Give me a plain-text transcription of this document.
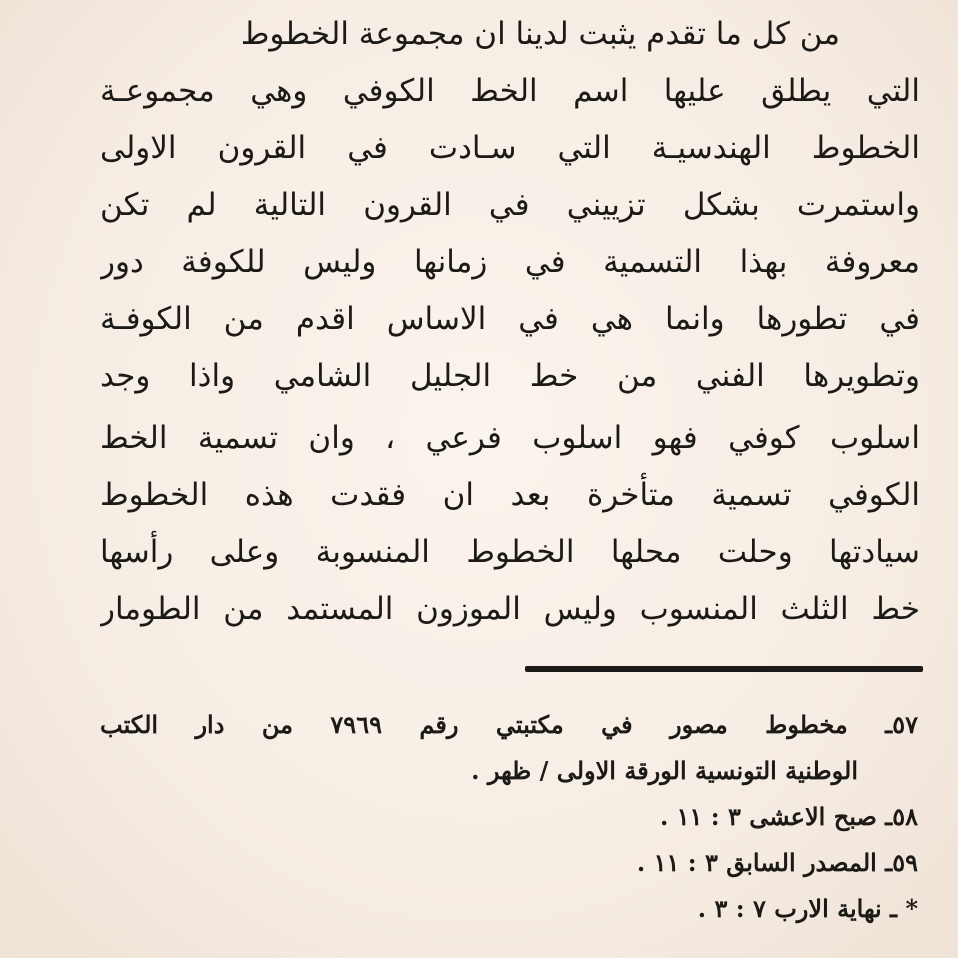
من كل ما تقدم يثبت لدينا ان مجموعة الخطوط
التي يطلق عليها اسم الخط الكوفي وهي مجموعـة
الخطوط الهندسيـة التي سـادت في القرون الاولى
واستمرت بشكل تزييني في القرون التالية لم تكن
معروفة بهذا التسمية في زمانها وليس للكوفة دور
في تطورها وانما هي في الاساس اقدم من الكوفـة
وتطويرها الفني من خط الجليل الشامي واذا وجد
اسلوب كوفي فهو اسلوب فرعي ، وان تسمية الخط
الكوفي تسمية متأخرة بعد ان فقدت هذه الخطوط
سيادتها وحلت محلها الخطوط المنسوبة وعلى رأسها
خط الثلث المنسوب وليس الموزون المستمد من الطومار
٥٧ـ مخطوط مصور في مكتبتي رقم ٧٩٦٩ من دار الكتب
الوطنية التونسية الورقة الاولى / ظهر .
٥٨ـ صبح الاعشى ٣ : ١١ .
٥٩ـ المصدر السابق ٣ : ١١ .
* ـ نهاية الارب ٧ : ٣ .
